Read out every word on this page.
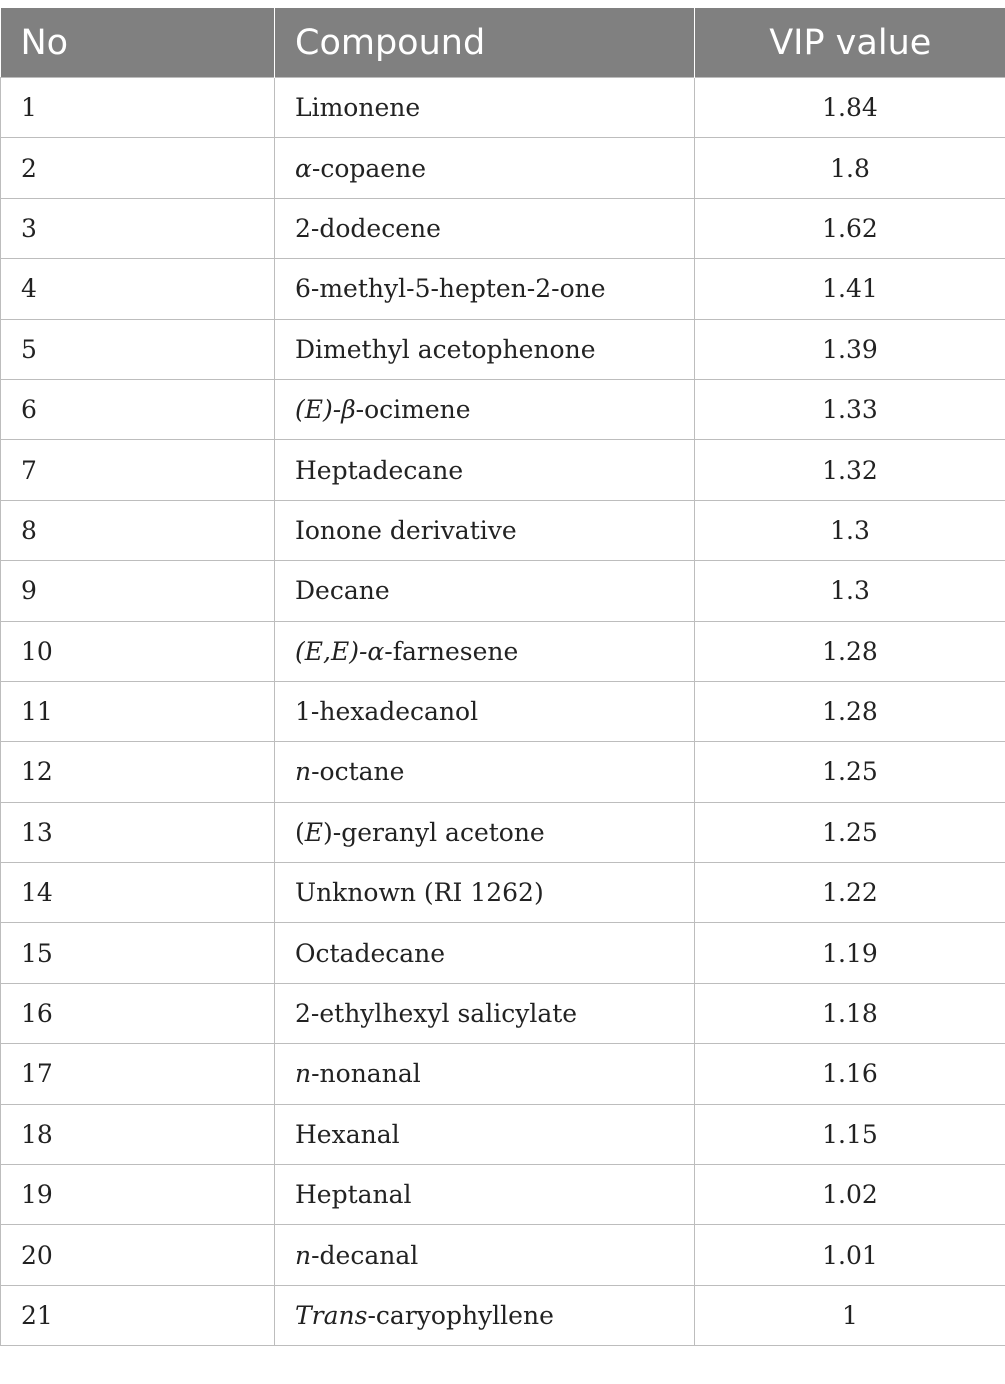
No	Compound	VIP value
1	Limonene	1.84
2	α-copaene	1.8
3	2-dodecene	1.62
4	6-methyl-5-hepten-2-one	1.41
5	Dimethyl acetophenone	1.39
6	(E)-β-ocimene	1.33
7	Heptadecane	1.32
8	Ionone derivative	1.3
9	Decane	1.3
10	(E,E)-α-farnesene	1.28
11	1-hexadecanol	1.28
12	n-octane	1.25
13	(E)-geranyl acetone	1.25
14	Unknown (RI 1262)	1.22
15	Octadecane	1.19
16	2-ethylhexyl salicylate	1.18
17	n-nonanal	1.16
18	Hexanal	1.15
19	Heptanal	1.02
20	n-decanal	1.01
21	Trans-caryophyllene	1
